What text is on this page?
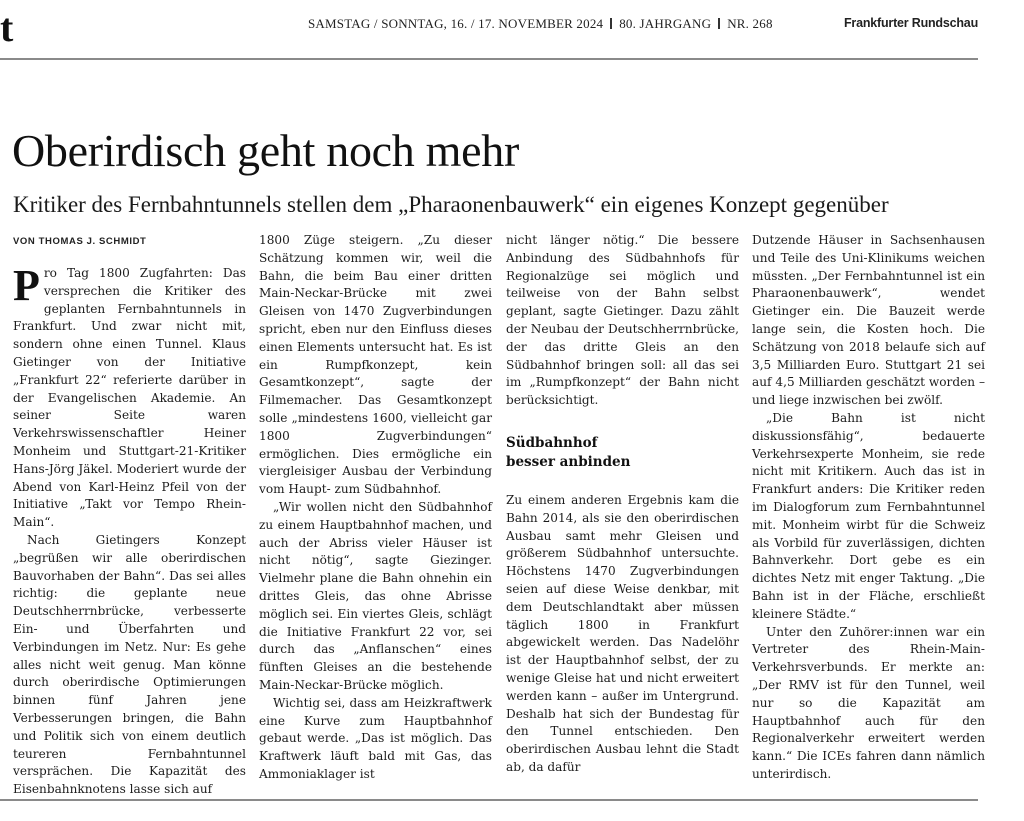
t	SAMSTAG / SONNTAG, 16. / 17. NOVEMBER 2024 80. JAHRGANG NR. 268	Frankfurter Rundschau
Oberirdisch geht noch mehr

Kritiker des Fernbahntunnels stellen dem „Pharaonenbauwerk“ ein eigenes Konzept gegenüber

VON THOMAS J. SCHMIDT

Pro Tag 1800 Zugfahrten: Das versprechen die Kritiker des geplanten Fernbahntunnels in Frankfurt. Und zwar nicht mit, sondern ohne einen Tunnel. Klaus Gietinger von der Initiative „Frankfurt 22“ referierte darüber in der Evangelischen Akademie. An seiner Seite waren Verkehrswissenschaftler Heiner Monheim und Stuttgart-21-Kritiker Hans-Jörg Jäkel. Moderiert wurde der Abend von Karl-Heinz Pfeil von der Initiative „Takt vor Tempo Rhein-Main“.

Nach Gietingers Konzept „begrüßen wir alle oberirdischen Bauvorhaben der Bahn“. Das sei alles richtig: die geplante neue Deutschherrnbrücke, verbesserte Ein- und Überfahrten und Verbindungen im Netz. Nur: Es gehe alles nicht weit genug. Man könne durch oberirdische Optimierungen binnen fünf Jahren jene Verbesserungen bringen, die Bahn und Politik sich von einem deutlich teureren Fernbahntunnel versprächen. Die Kapazität des Eisenbahnknotens lasse sich auf

1800 Züge steigern. „Zu dieser Schätzung kommen wir, weil die Bahn, die beim Bau einer dritten Main-Neckar-Brücke mit zwei Gleisen von 1470 Zugverbindungen spricht, eben nur den Einfluss dieses einen Elements untersucht hat. Es ist ein Rumpfkonzept, kein Gesamtkonzept“, sagte der Filmemacher. Das Gesamtkonzept solle „mindestens 1600, vielleicht gar 1800 Zugverbindungen“ ermöglichen. Dies ermögliche ein viergleisiger Ausbau der Verbindung vom Haupt- zum Südbahnhof.

„Wir wollen nicht den Südbahnhof zu einem Hauptbahnhof machen, und auch der Abriss vieler Häuser ist nicht nötig“, sagte Giezinger. Vielmehr plane die Bahn ohnehin ein drittes Gleis, das ohne Abrisse möglich sei. Ein viertes Gleis, schlägt die Initiative Frankfurt 22 vor, sei durch das „Anflanschen“ eines fünften Gleises an die bestehende Main-Neckar-Brücke möglich.

Wichtig sei, dass am Heizkraftwerk eine Kurve zum Hauptbahnhof gebaut werde. „Das ist möglich. Das Kraftwerk läuft bald mit Gas, das Ammoniaklager ist

nicht länger nötig.“ Die bessere Anbindung des Südbahnhofs für Regionalzüge sei möglich und teilweise von der Bahn selbst geplant, sagte Gietinger. Dazu zählt der Neubau der Deutschherrnbrücke, der das dritte Gleis an den Südbahnhof bringen soll: all das sei im „Rumpfkonzept“ der Bahn nicht berücksichtigt.

Südbahnhof
besser anbinden

Zu einem anderen Ergebnis kam die Bahn 2014, als sie den oberirdischen Ausbau samt mehr Gleisen und größerem Südbahnhof untersuchte. Höchstens 1470 Zugverbindungen seien auf diese Weise denkbar, mit dem Deutschlandtakt aber müssen täglich 1800 in Frankfurt abgewickelt werden. Das Nadelöhr ist der Hauptbahnhof selbst, der zu wenige Gleise hat und nicht erweitert werden kann – außer im Untergrund. Deshalb hat sich der Bundestag für den Tunnel entschieden. Den oberirdischen Ausbau lehnt die Stadt ab, da dafür

Dutzende Häuser in Sachsenhausen und Teile des Uni-Klinikums weichen müssten. „Der Fernbahntunnel ist ein Pharaonenbauwerk“, wendet Gietinger ein. Die Bauzeit werde lange sein, die Kosten hoch. Die Schätzung von 2018 belaufe sich auf 3,5 Milliarden Euro. Stuttgart 21 sei auf 4,5 Milliarden geschätzt worden – und liege inzwischen bei zwölf.

„Die Bahn ist nicht diskussionsfähig“, bedauerte Verkehrsexperte Monheim, sie rede nicht mit Kritikern. Auch das ist in Frankfurt anders: Die Kritiker reden im Dialogforum zum Fernbahntunnel mit. Monheim wirbt für die Schweiz als Vorbild für zuverlässigen, dichten Bahnverkehr. Dort gebe es ein dichtes Netz mit enger Taktung. „Die Bahn ist in der Fläche, erschließt kleinere Städte.“

Unter den Zuhörer:innen war ein Vertreter des Rhein-Main-Verkehrsverbunds. Er merkte an: „Der RMV ist für den Tunnel, weil nur so die Kapazität am Hauptbahnhof auch für den Regionalverkehr erweitert werden kann.“ Die ICEs fahren dann nämlich unterirdisch.
